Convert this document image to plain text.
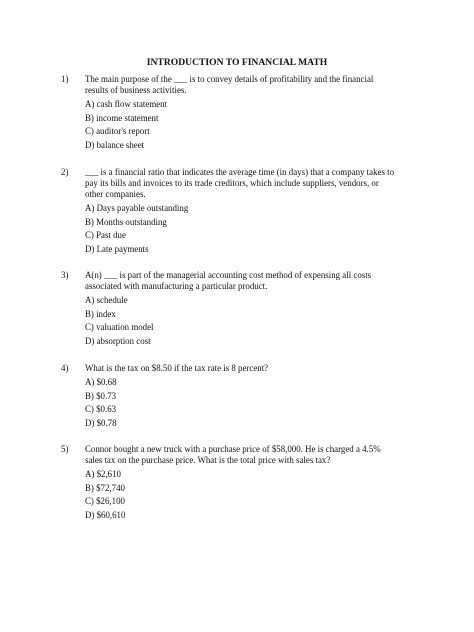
INTRODUCTION TO FINANCIAL MATH
1) The main purpose of the ___ is to convey details of profitability and the financial results of business activities.
A) cash flow statement
B) income statement
C) auditor's report
D) balance sheet
2) ___ is a financial ratio that indicates the average time (in days) that a company takes to pay its bills and invoices to its trade creditors, which include suppliers, vendors, or other companies.
A) Days payable outstanding
B) Months outstanding
C) Past due
D) Late payments
3) A(n) ___ is part of the managerial accounting cost method of expensing all costs associated with manufacturing a particular product.
A) schedule
B) index
C) valuation model
D) absorption cost
4) What is the tax on $8.50 if the tax rate is 8 percent?
A) $0.68
B) $0.73
C) $0.63
D) $0.78
5) Connor bought a new truck with a purchase price of $58,000. He is charged a 4.5% sales tax on the purchase price. What is the total price with sales tax?
A) $2,610
B) $72,740
C) $26,100
D) $60,610
